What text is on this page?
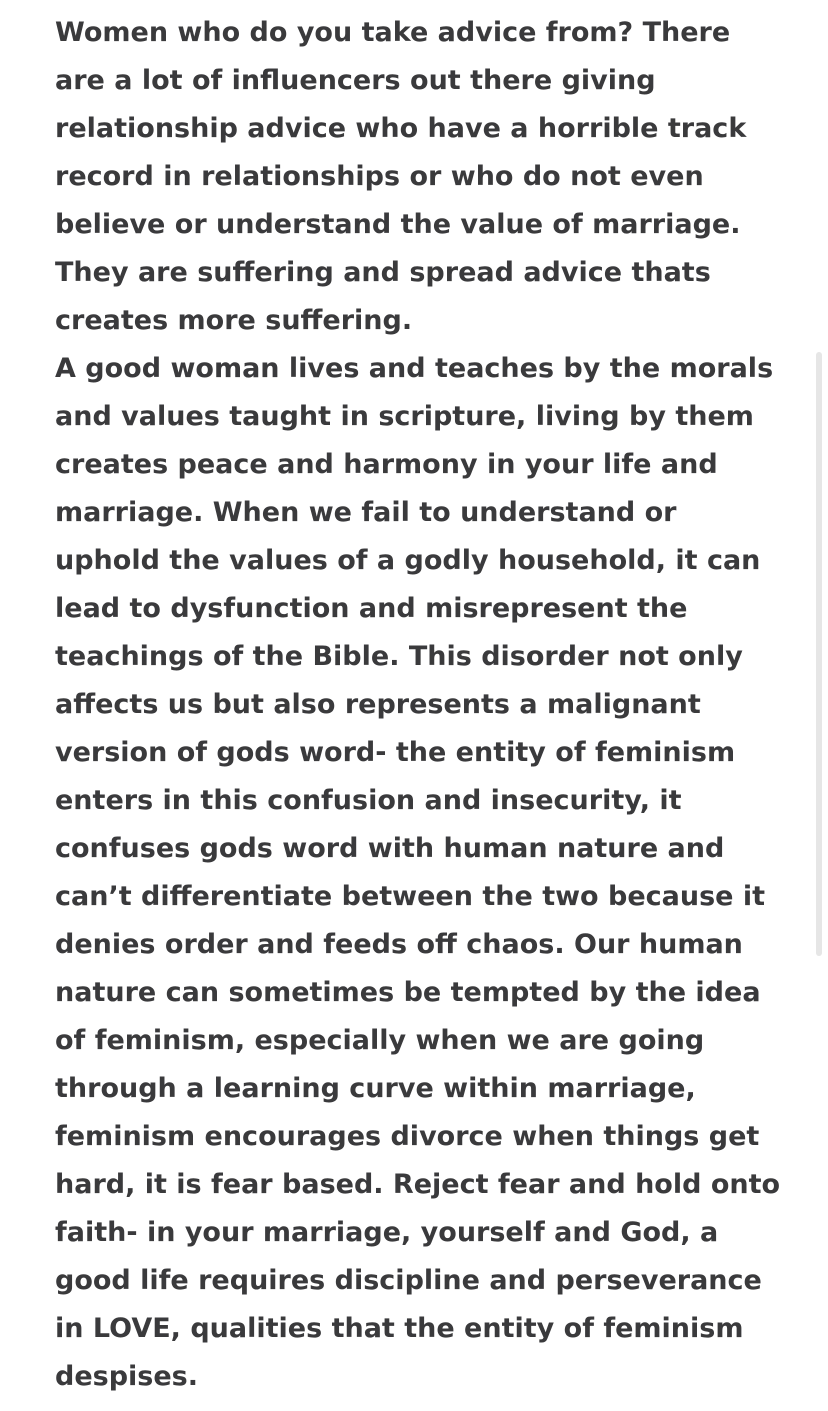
Women who do you take advice from? There
are a lot of influencers out there giving
relationship advice who have a horrible track
record in relationships or who do not even
believe or understand the value of marriage.
They are suffering and spread advice thats
creates more suffering.
A good woman lives and teaches by the morals
and values taught in scripture, living by them
creates peace and harmony in your life and
marriage. When we fail to understand or
uphold the values of a godly household, it can
lead to dysfunction and misrepresent the
teachings of the Bible. This disorder not only
affects us but also represents a malignant
version of gods word- the entity of feminism
enters in this confusion and insecurity, it
confuses gods word with human nature and
can’t differentiate between the two because it
denies order and feeds off chaos. Our human
nature can sometimes be tempted by the idea
of feminism, especially when we are going
through a learning curve within marriage,
feminism encourages divorce when things get
hard, it is fear based. Reject fear and hold onto
faith- in your marriage, yourself and God, a
good life requires discipline and perseverance
in LOVE, qualities that the entity of feminism
despises.
